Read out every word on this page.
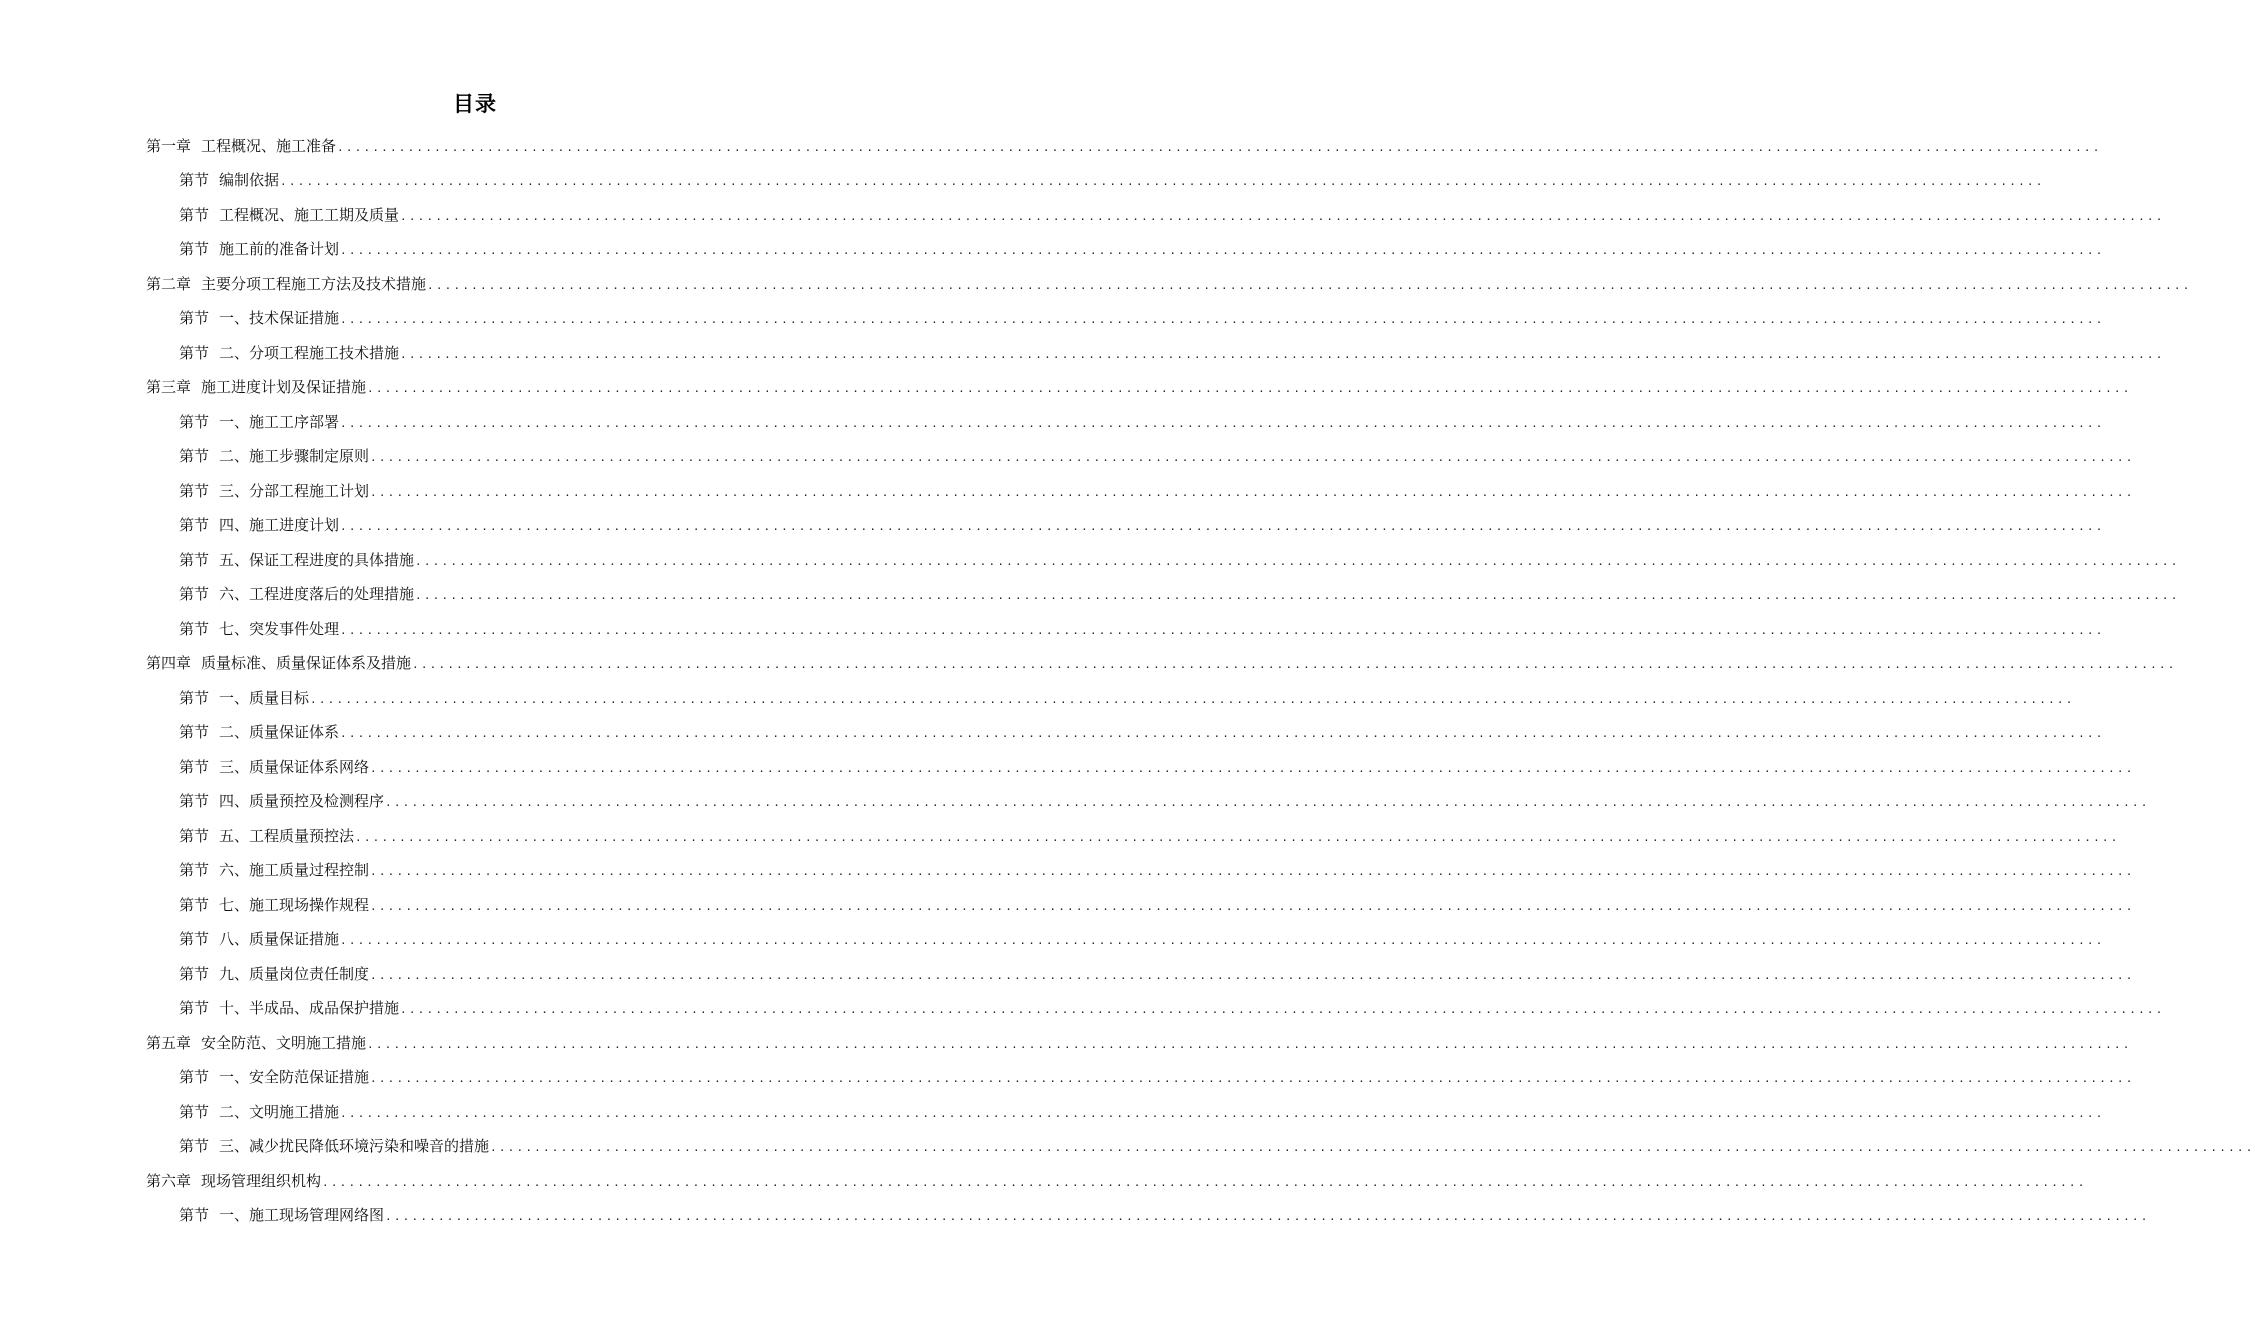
目录
第一章 工程概况、施工准备 ........................................................................................................................................................................................................
第节 编制依据 ........................................................................................................................................................................................................
第节 工程概况、施工工期及质量 ........................................................................................................................................................................................................
第节 施工前的准备计划 ........................................................................................................................................................................................................
第二章 主要分项工程施工方法及技术措施 ........................................................................................................................................................................................................
第节 一、技术保证措施 ........................................................................................................................................................................................................
第节 二、分项工程施工技术措施 ........................................................................................................................................................................................................
第三章 施工进度计划及保证措施 ........................................................................................................................................................................................................
第节 一、施工工序部署 ........................................................................................................................................................................................................
第节 二、施工步骤制定原则 ........................................................................................................................................................................................................
第节 三、分部工程施工计划 ........................................................................................................................................................................................................
第节 四、施工进度计划 ........................................................................................................................................................................................................
第节 五、保证工程进度的具体措施 ........................................................................................................................................................................................................
第节 六、工程进度落后的处理措施 ........................................................................................................................................................................................................
第节 七、突发事件处理 ........................................................................................................................................................................................................
第四章 质量标准、质量保证体系及措施 ........................................................................................................................................................................................................
第节 一、质量目标 ........................................................................................................................................................................................................
第节 二、质量保证体系 ........................................................................................................................................................................................................
第节 三、质量保证体系网络 ........................................................................................................................................................................................................
第节 四、质量预控及检测程序 ........................................................................................................................................................................................................
第节 五、工程质量预控法 ........................................................................................................................................................................................................
第节 六、施工质量过程控制 ........................................................................................................................................................................................................
第节 七、施工现场操作规程 ........................................................................................................................................................................................................
第节 八、质量保证措施 ........................................................................................................................................................................................................
第节 九、质量岗位责任制度 ........................................................................................................................................................................................................
第节 十、半成品、成品保护措施 ........................................................................................................................................................................................................
第五章 安全防范、文明施工措施 ........................................................................................................................................................................................................
第节 一、安全防范保证措施 ........................................................................................................................................................................................................
第节 二、文明施工措施 ........................................................................................................................................................................................................
第节 三、减少扰民降低环境污染和噪音的措施 ........................................................................................................................................................................................................
第六章 现场管理组织机构 ........................................................................................................................................................................................................
第节 一、施工现场管理网络图 ........................................................................................................................................................................................................
